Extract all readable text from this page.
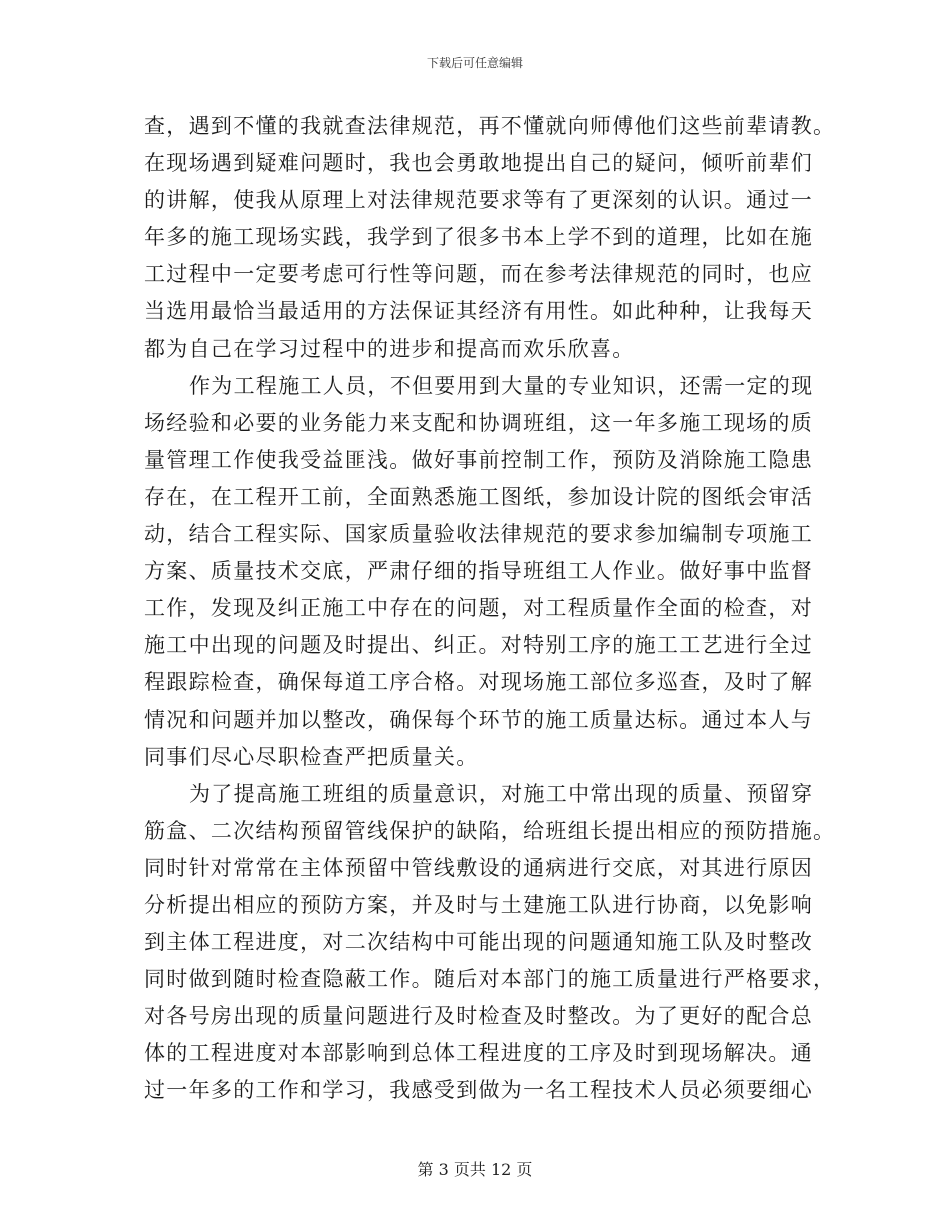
下载后可任意编辑
查，遇到不懂的我就查法律规范，再不懂就向师傅他们这些前辈请教。
在现场遇到疑难问题时，我也会勇敢地提出自己的疑问，倾听前辈们
的讲解，使我从原理上对法律规范要求等有了更深刻的认识。通过一
年多的施工现场实践，我学到了很多书本上学不到的道理，比如在施
工过程中一定要考虑可行性等问题，而在参考法律规范的同时，也应
当选用最恰当最适用的方法保证其经济有用性。如此种种，让我每天
都为自己在学习过程中的进步和提高而欢乐欣喜。
作为工程施工人员，不但要用到大量的专业知识，还需一定的现
场经验和必要的业务能力来支配和协调班组，这一年多施工现场的质
量管理工作使我受益匪浅。做好事前控制工作，预防及消除施工隐患
存在，在工程开工前，全面熟悉施工图纸，参加设计院的图纸会审活
动，结合工程实际、国家质量验收法律规范的要求参加编制专项施工
方案、质量技术交底，严肃仔细的指导班组工人作业。做好事中监督
工作，发现及纠正施工中存在的问题，对工程质量作全面的检查，对
施工中出现的问题及时提出、纠正。对特别工序的施工工艺进行全过
程跟踪检查，确保每道工序合格。对现场施工部位多巡查，及时了解
情况和问题并加以整改，确保每个环节的施工质量达标。通过本人与
同事们尽心尽职检查严把质量关。
为了提高施工班组的质量意识，对施工中常出现的质量、预留穿
筋盒、二次结构预留管线保护的缺陷，给班组长提出相应的预防措施。
同时针对常常在主体预留中管线敷设的通病进行交底，对其进行原因
分析提出相应的预防方案，并及时与土建施工队进行协商，以免影响
到主体工程进度，对二次结构中可能出现的问题通知施工队及时整改
同时做到随时检查隐蔽工作。随后对本部门的施工质量进行严格要求，
对各号房出现的质量问题进行及时检查及时整改。为了更好的配合总
体的工程进度对本部影响到总体工程进度的工序及时到现场解决。通
过一年多的工作和学习，我感受到做为一名工程技术人员必须要细心
第 3 页共 12 页
